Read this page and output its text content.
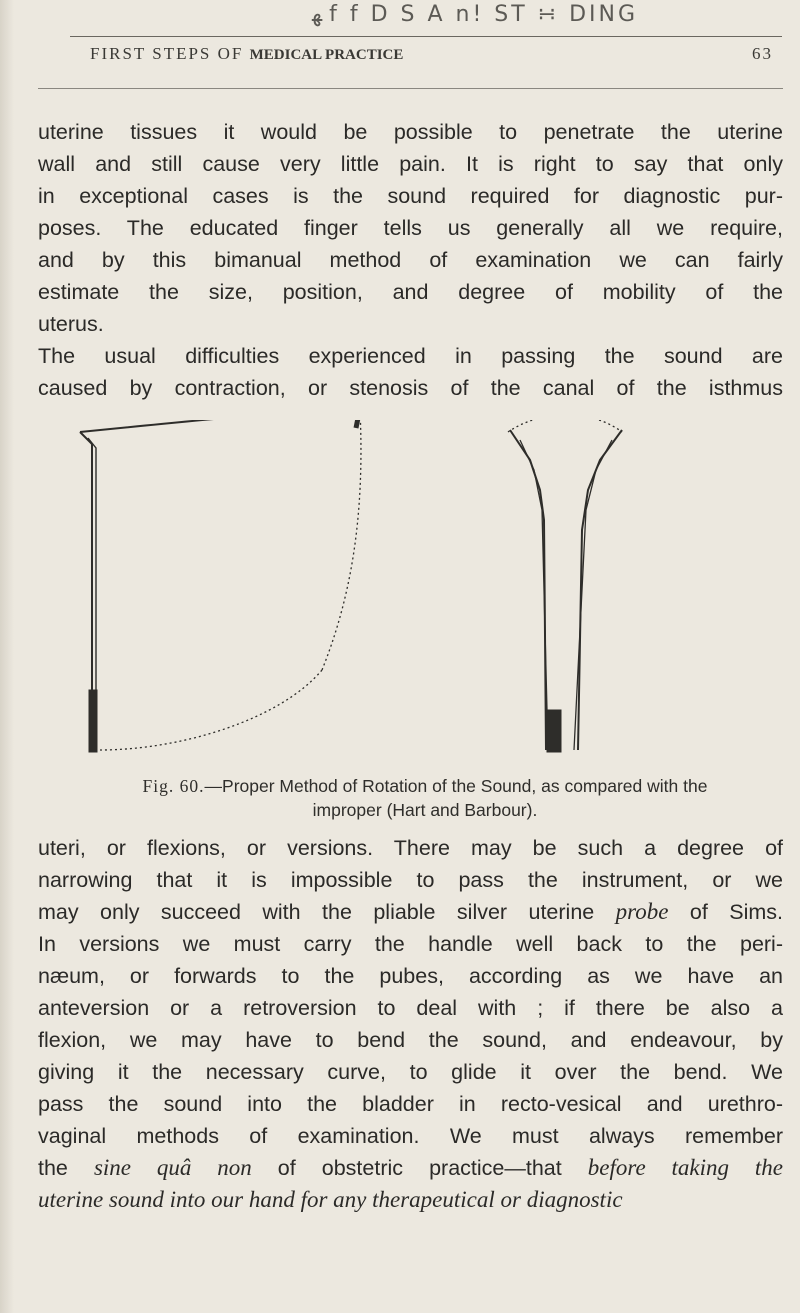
ﻬ f f D S A n! ST ∺ DING
FIRST STEPS OF MEDICAL PRACTICE	63
uterine tissues it would be possible to penetrate the uterine
wall and still cause very little pain. It is right to say that only
in exceptional cases is the sound required for diagnostic pur-
poses. The educated finger tells us generally all we require,
and by this bimanual method of examination we can fairly
estimate the size, position, and degree of mobility of the
uterus.
The usual difficulties experienced in passing the sound are
caused by contraction, or stenosis of the canal of the isthmus
Fig. 60.—Proper Method of Rotation of the Sound, as compared with the
improper (Hart and Barbour).
uteri, or flexions, or versions. There may be such a degree of
narrowing that it is impossible to pass the instrument, or we
may only succeed with the pliable silver uterine probe of Sims.
In versions we must carry the handle well back to the peri-
næum, or forwards to the pubes, according as we have an
anteversion or a retroversion to deal with ; if there be also a
flexion, we may have to bend the sound, and endeavour, by
giving it the necessary curve, to glide it over the bend. We
pass the sound into the bladder in recto-vesical and urethro-
vaginal methods of examination. We must always remember
the sine quâ non of obstetric practice—that before taking the
uterine sound into our hand for any therapeutical or diagnostic
